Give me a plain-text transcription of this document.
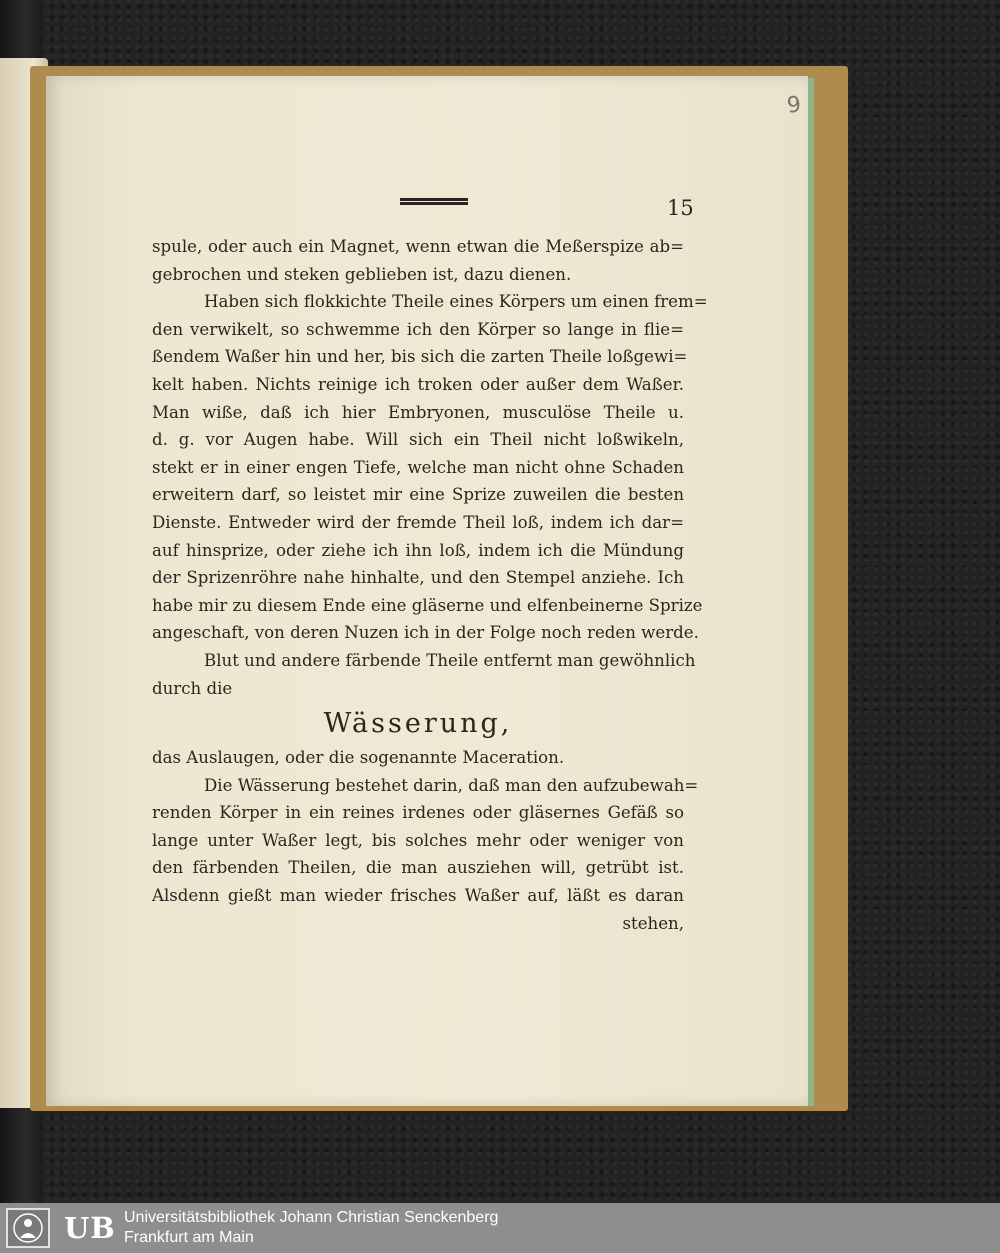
9
15
spule, oder auch ein Magnet, wenn etwan die Meßerspize ab=
gebrochen und steken geblieben ist, dazu dienen.
Haben sich flokkichte Theile eines Körpers um einen frem=
den verwikelt, so schwemme ich den Körper so lange in flie=
ßendem Waßer hin und her, bis sich die zarten Theile loßgewi=
kelt haben. Nichts reinige ich troken oder außer dem Waßer.
Man wiße, daß ich hier Embryonen, musculöse Theile u.
d. g. vor Augen habe. Will sich ein Theil nicht loßwikeln,
stekt er in einer engen Tiefe, welche man nicht ohne Schaden
erweitern darf, so leistet mir eine Sprize zuweilen die besten
Dienste. Entweder wird der fremde Theil loß, indem ich dar=
auf hinsprize, oder ziehe ich ihn loß, indem ich die Mündung
der Sprizenröhre nahe hinhalte, und den Stempel anziehe. Ich
habe mir zu diesem Ende eine gläserne und elfenbeinerne Sprize
angeschaft, von deren Nuzen ich in der Folge noch reden werde.
Blut und andere färbende Theile entfernt man gewöhnlich
durch die
Wässerung,
das Auslaugen, oder die sogenannte Maceration.
Die Wässerung bestehet darin, daß man den aufzubewah=
renden Körper in ein reines irdenes oder gläsernes Gefäß so
lange unter Waßer legt, bis solches mehr oder weniger von
den färbenden Theilen, die man ausziehen will, getrübt ist.
Alsdenn gießt man wieder frisches Waßer auf, läßt es daran
stehen,
UB Universitätsbibliothek Johann Christian Senckenberg
Frankfurt am Main
